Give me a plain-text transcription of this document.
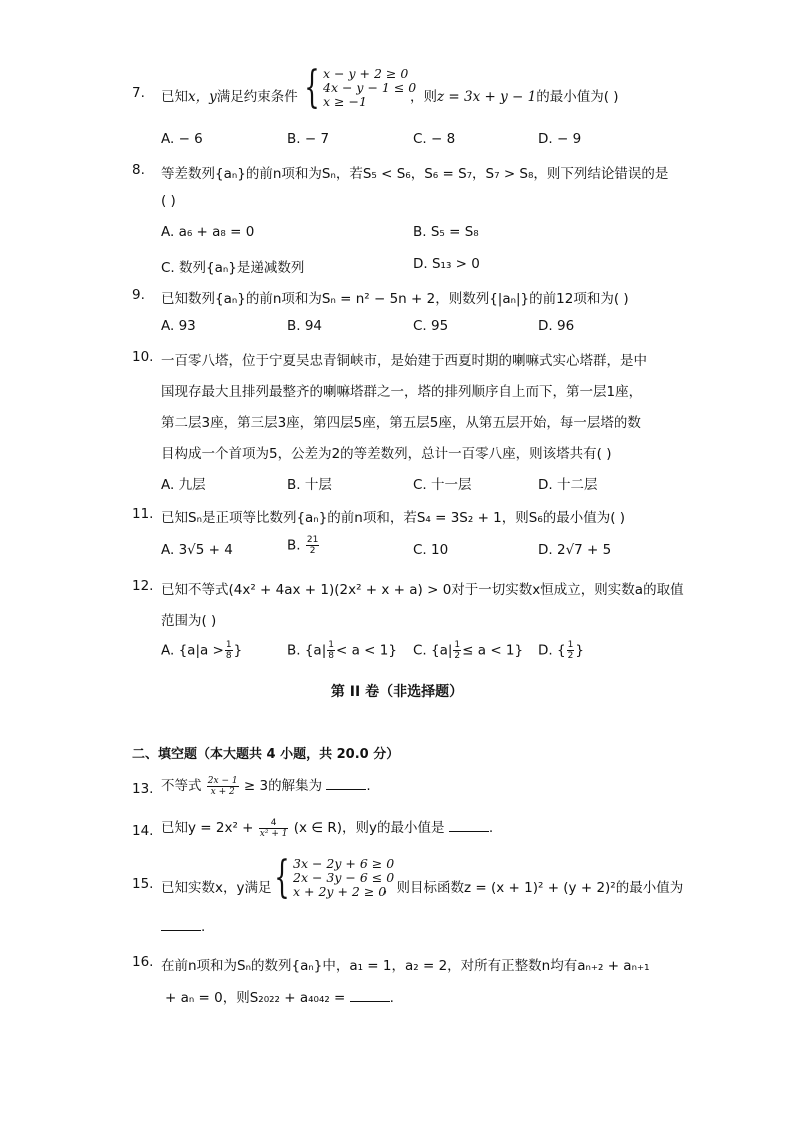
7. 已知x，y满足约束条件 { x − y + 2 ≥ 0
4x − y − 1 ≤ 0
x ≥ −1	，则z = 3x + y − 1的最小值为( )
A. − 6	B. − 7	C. − 8	D. − 9
8. 等差数列{aₙ}的前n项和为Sₙ，若S₅ < S₆，S₆ = S₇，S₇ > S₈，则下列结论错误的是
( )
A. a₆ + a₈ = 0	B. S₅ = S₈
C. 数列{aₙ}是递减数列	D. S₁₃ > 0
9. 已知数列{aₙ}的前n项和为Sₙ = n² − 5n + 2，则数列{|aₙ|}的前12项和为( )
A. 93	B. 94	C. 95	D. 96
10. 一百零八塔，位于宁夏吴忠青铜峡市，是始建于西夏时期的喇嘛式实心塔群，是中
国现存最大且排列最整齐的喇嘛塔群之一，塔的排列顺序自上而下，第一层1座，
第二层3座，第三层3座，第四层5座，第五层5座，从第五层开始，每一层塔的数
目构成一个首项为5，公差为2的等差数列，总计一百零八座，则该塔共有( )
A. 九层	B. 十层	C. 十一层	D. 十二层
11. 已知Sₙ是正项等比数列{aₙ}的前n项和，若S₄ = 3S₂ + 1，则S₆的最小值为( )
A. 3√5 + 4	B. $\frac{21}{2}$	C. 10	D. 2√7 + 5
12. 已知不等式(4x² + 4ax + 1)(2x² + x + a) > 0对于一切实数x恒成立，则实数a的取值
范围为( )
A. {$a|a > \frac{1}{8}$ }	B. $\{a| \frac{1}{8} < a < 1\}$ C. $\{a| \frac{1}{2} \le a < 1\}$ D. { $\frac{1}{2}$ }
第 II 卷（非选择题）
二、填空题（本大题共 4 小题，共 20.0 分）
13. 不等式 $\frac{2x - 1}{x + 2} \ge 3$的解集为	.
14. 已知$y = 2x^2 + \frac{4}{\text{x² + 1}} (x$ ∈ R)，则y的最小值是	.
15. 已知实数x，y满足 { 3x − 2y + 6 ≥ 0
2x − 3y − 6 ≤ 0
x + 2y + 2 ≥ 0
，则目标函数z = (x + 1)² + (y + 2)²的最小值为
.
16. 在前n项和为Sₙ的数列{aₙ}中，a₁ = 1，a₂ = 2，对所有正整数n均有aₙ₊₂ + aₙ₊₁
+ aₙ = 0，则S₂₀₂₂ + a₄₀₄₂ =	.
